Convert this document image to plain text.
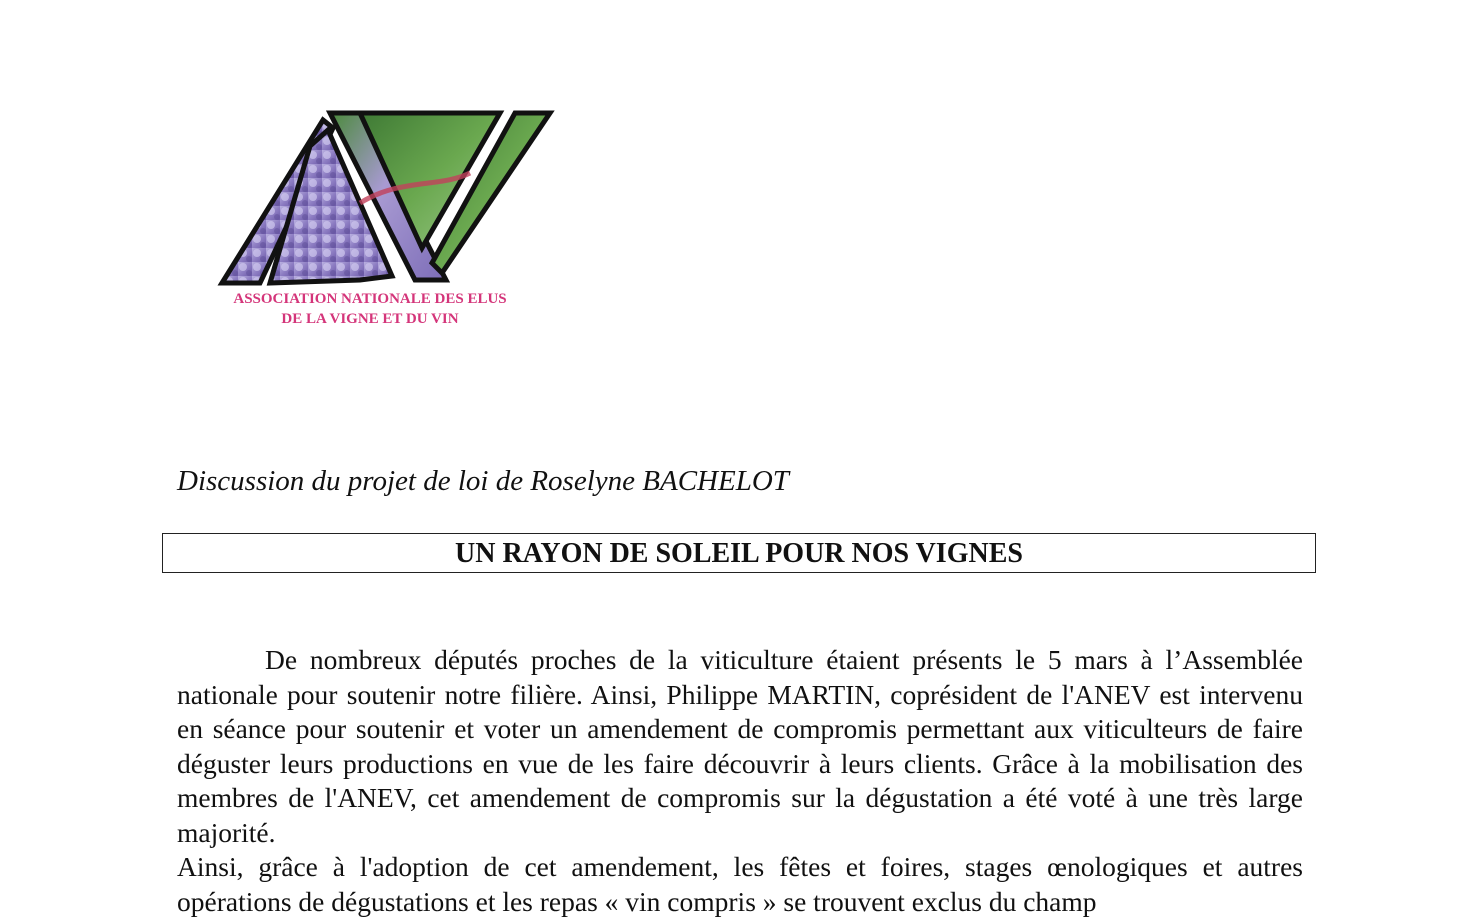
ASSOCIATION NATIONALE DES ELUS
DE LA VIGNE ET DU VIN
Discussion du projet de loi de Roselyne BACHELOT
UN RAYON DE SOLEIL POUR NOS VIGNES

De nombreux députés proches de la viticulture étaient présents le 5 mars à l’Assemblée nationale pour soutenir notre filière. Ainsi, Philippe MARTIN, coprésident de l'ANEV est intervenu en séance pour soutenir et voter un amendement de compromis permettant aux viticulteurs de faire déguster leurs productions en vue de les faire découvrir à leurs clients. Grâce à la mobilisation des membres de l'ANEV, cet amendement de compromis sur la dégustation a été voté à une très large majorité.

Ainsi, grâce à l'adoption de cet amendement, les fêtes et foires, stages œnologiques et autres opérations de dégustations et les repas « vin compris » se trouvent exclus du champ
